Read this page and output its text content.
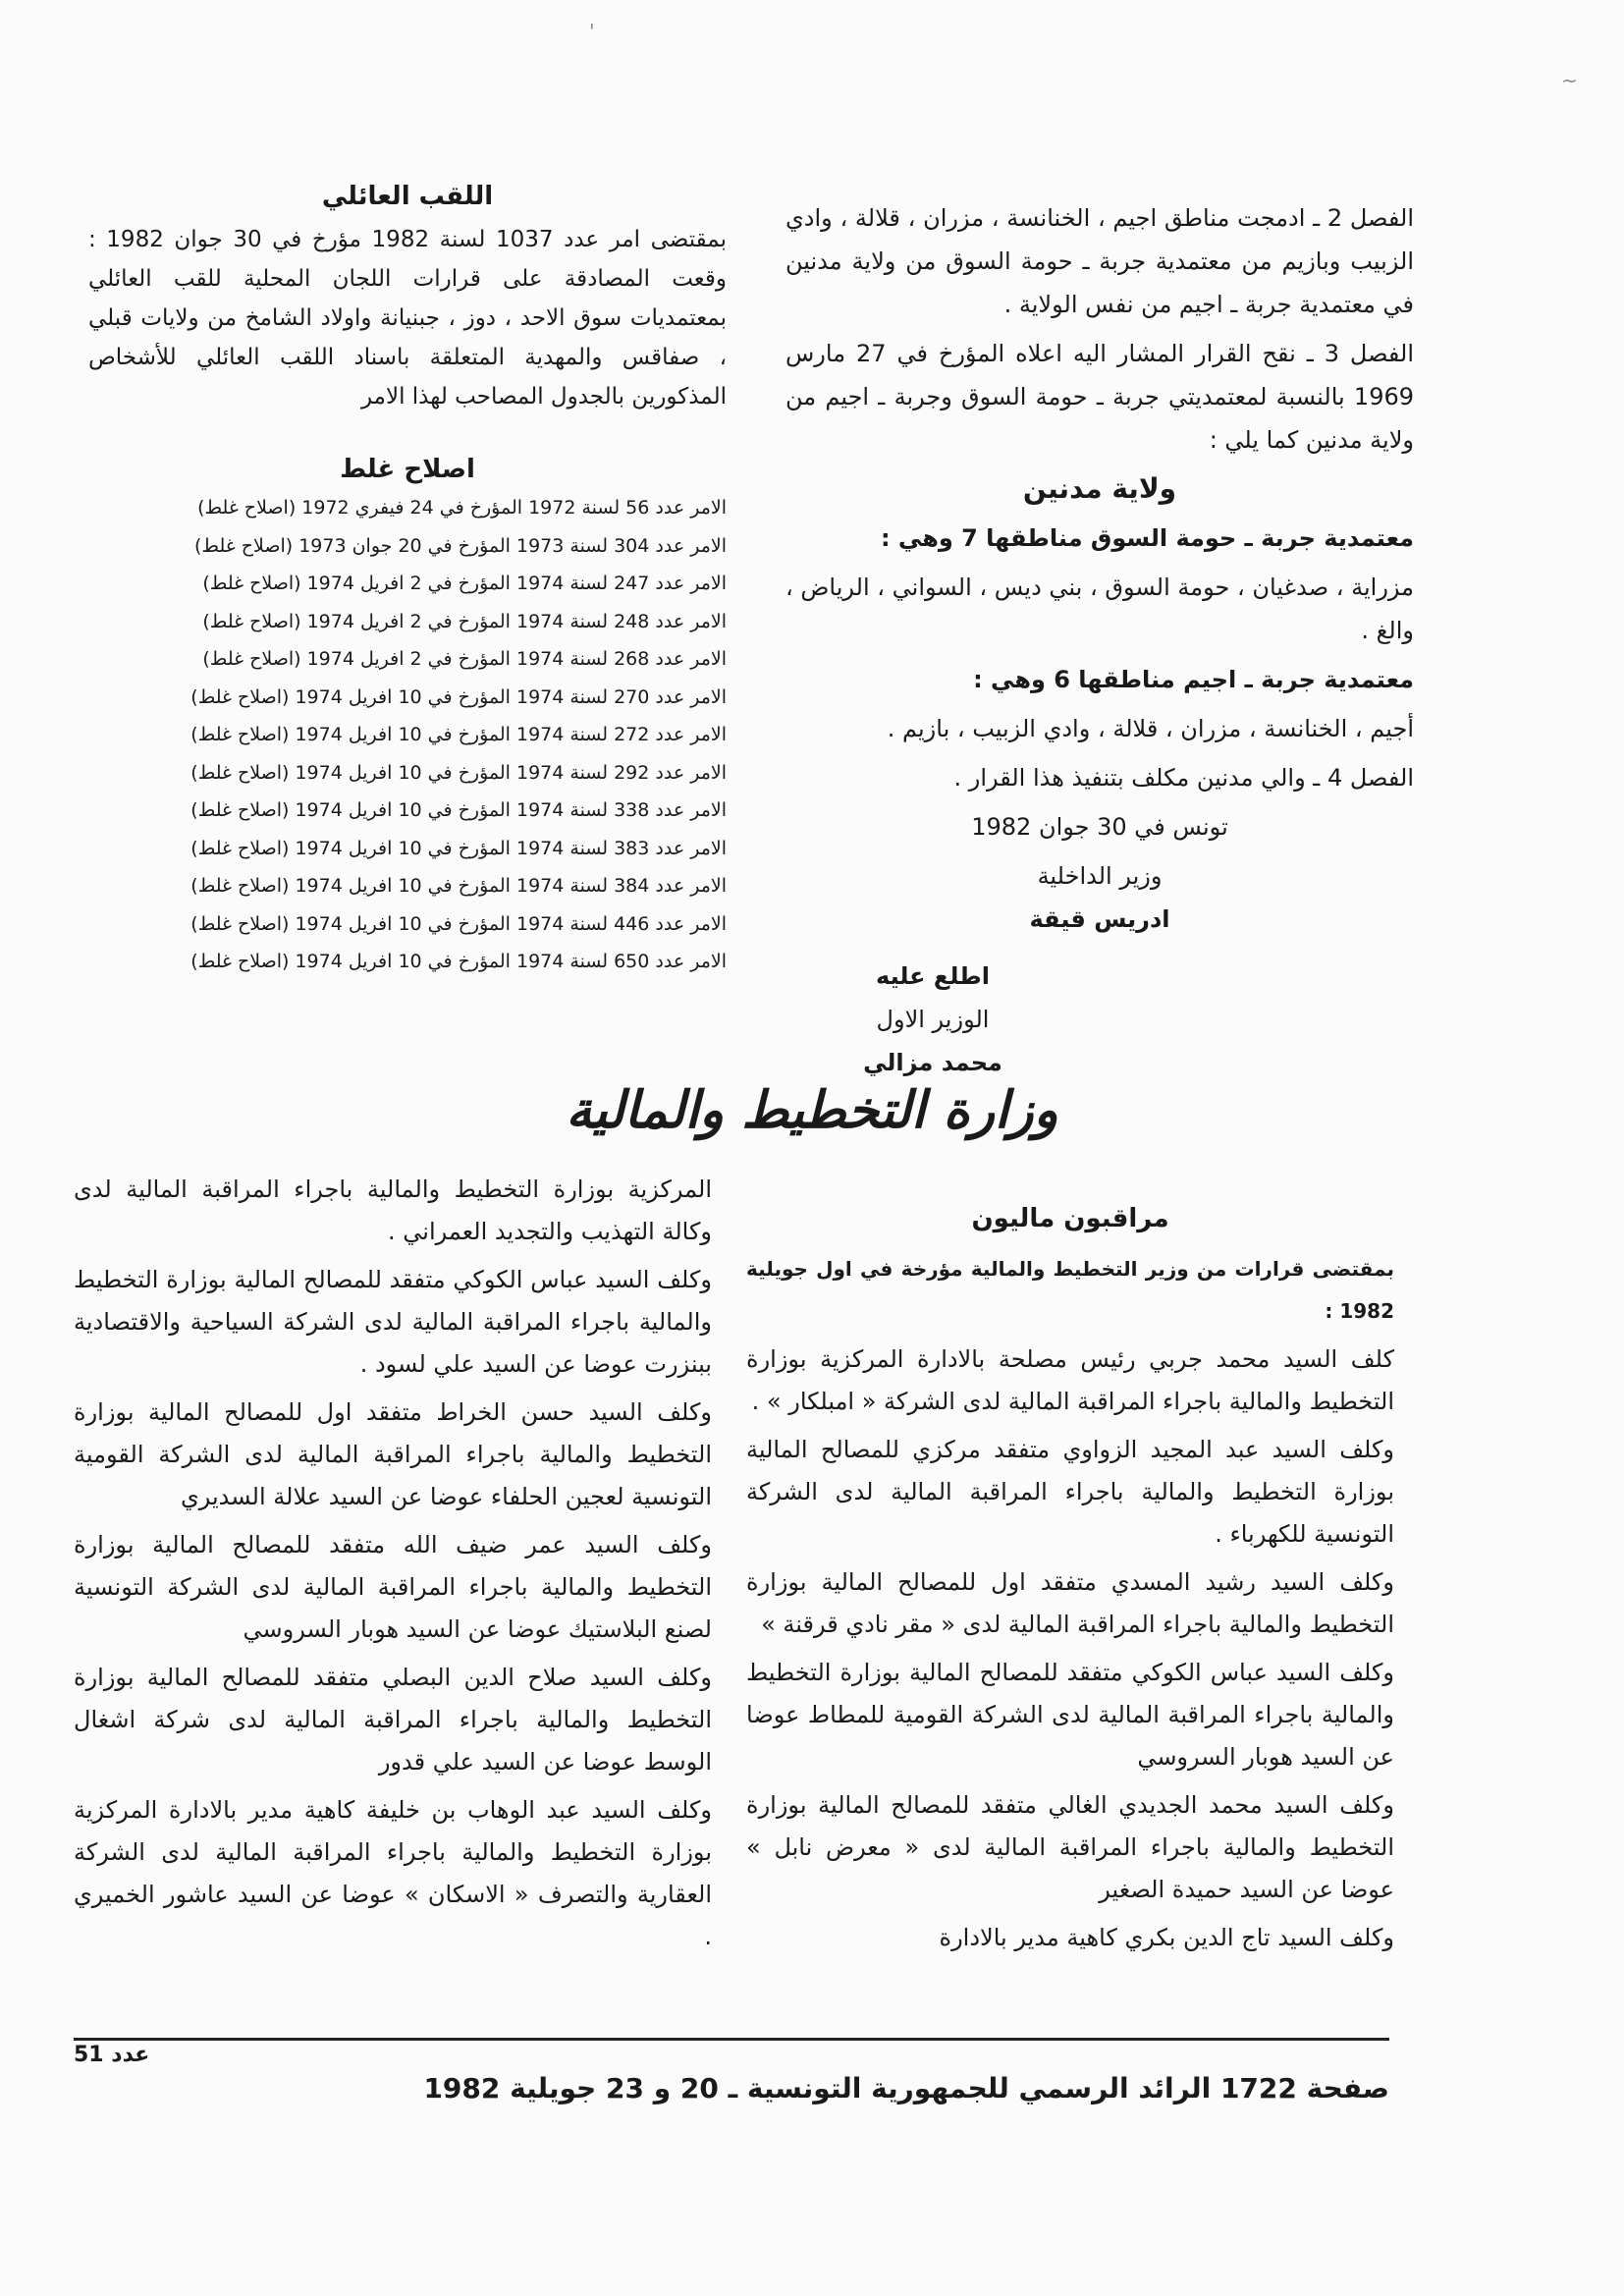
'
~

الفصل 2 ـ ادمجت مناطق اجيم ، الخنانسة ، مزران ، قلالة ، وادي الزبيب وبازيم من معتمدية جربة ـ حومة السوق من ولاية مدنين في معتمدية جربة ـ اجيم من نفس الولاية .

الفصل 3 ـ نقح القرار المشار اليه اعلاه المؤرخ في 27 مارس 1969 بالنسبة لمعتمديتي جربة ـ حومة السوق وجربة ـ اجيم من ولاية مدنين كما يلي :

ولاية مدنين

معتمدية جربة ـ حومة السوق مناطقها 7 وهي :

مزراية ، صدغيان ، حومة السوق ، بني ديس ، السواني ، الرياض ، والغ .

معتمدية جربة ـ اجيم مناطقها 6 وهي :

أجيم ، الخنانسة ، مزران ، قلالة ، وادي الزبيب ، بازيم .

الفصل 4 ـ والي مدنين مكلف بتنفيذ هذا القرار .

تونس في 30 جوان 1982

وزير الداخلية

ادريس قيقة

اطلع عليه

الوزير الاول

محمد مزالي

اللقب العائلي

بمقتضى امر عدد 1037 لسنة 1982 مؤرخ في 30 جوان 1982 : وقعت المصادقة على قرارات اللجان المحلية للقب العائلي بمعتمديات سوق الاحد ، دوز ، جبنيانة واولاد الشامخ من ولايات قبلي ، صفاقس والمهدية المتعلقة باسناد اللقب العائلي للأشخاص المذكورين بالجدول المصاحب لهذا الامر

اصلاح غلط
الامر عدد 56 لسنة 1972 المؤرخ في 24 فيفري 1972 (اصلاح غلط)
الامر عدد 304 لسنة 1973 المؤرخ في 20 جوان 1973 (اصلاح غلط)
الامر عدد 247 لسنة 1974 المؤرخ في 2 افريل 1974 (اصلاح غلط)
الامر عدد 248 لسنة 1974 المؤرخ في 2 افريل 1974 (اصلاح غلط)
الامر عدد 268 لسنة 1974 المؤرخ في 2 افريل 1974 (اصلاح غلط)
الامر عدد 270 لسنة 1974 المؤرخ في 10 افريل 1974 (اصلاح غلط)
الامر عدد 272 لسنة 1974 المؤرخ في 10 افريل 1974 (اصلاح غلط)
الامر عدد 292 لسنة 1974 المؤرخ في 10 افريل 1974 (اصلاح غلط)
الامر عدد 338 لسنة 1974 المؤرخ في 10 افريل 1974 (اصلاح غلط)
الامر عدد 383 لسنة 1974 المؤرخ في 10 افريل 1974 (اصلاح غلط)
الامر عدد 384 لسنة 1974 المؤرخ في 10 افريل 1974 (اصلاح غلط)
الامر عدد 446 لسنة 1974 المؤرخ في 10 افريل 1974 (اصلاح غلط)
الامر عدد 650 لسنة 1974 المؤرخ في 10 افريل 1974 (اصلاح غلط)
وزارة التخطيط والمالية
مراقبون ماليون

بمقتضى قرارات من وزير التخطيط والمالية مؤرخة في اول جويلية 1982 :

كلف السيد محمد جربي رئيس مصلحة بالادارة المركزية بوزارة التخطيط والمالية باجراء المراقبة المالية لدى الشركة « امبلكار » .

وكلف السيد عبد المجيد الزواوي متفقد مركزي للمصالح المالية بوزارة التخطيط والمالية باجراء المراقبة المالية لدى الشركة التونسية للكهرباء .

وكلف السيد رشيد المسدي متفقد اول للمصالح المالية بوزارة التخطيط والمالية باجراء المراقبة المالية لدى « مقر نادي قرقنة »

وكلف السيد عباس الكوكي متفقد للمصالح المالية بوزارة التخطيط والمالية باجراء المراقبة المالية لدى الشركة القومية للمطاط عوضا عن السيد هوبار السروسي

وكلف السيد محمد الجديدي الغالي متفقد للمصالح المالية بوزارة التخطيط والمالية باجراء المراقبة المالية لدى « معرض نابل » عوضا عن السيد حميدة الصغير

وكلف السيد تاج الدين بكري كاهية مدير بالادارة

المركزية بوزارة التخطيط والمالية باجراء المراقبة المالية لدى وكالة التهذيب والتجديد العمراني .

وكلف السيد عباس الكوكي متفقد للمصالح المالية بوزارة التخطيط والمالية باجراء المراقبة المالية لدى الشركة السياحية والاقتصادية ببنزرت عوضا عن السيد علي لسود .

وكلف السيد حسن الخراط متفقد اول للمصالح المالية بوزارة التخطيط والمالية باجراء المراقبة المالية لدى الشركة القومية التونسية لعجين الحلفاء عوضا عن السيد علالة السديري

وكلف السيد عمر ضيف الله متفقد للمصالح المالية بوزارة التخطيط والمالية باجراء المراقبة المالية لدى الشركة التونسية لصنع البلاستيك عوضا عن السيد هوبار السروسي

وكلف السيد صلاح الدين البصلي متفقد للمصالح المالية بوزارة التخطيط والمالية باجراء المراقبة المالية لدى شركة اشغال الوسط عوضا عن السيد علي قدور

وكلف السيد عبد الوهاب بن خليفة كاهية مدير بالادارة المركزية بوزارة التخطيط والمالية باجراء المراقبة المالية لدى الشركة العقارية والتصرف « الاسكان » عوضا عن السيد عاشور الخميري .

صفحة 1722 الرائد الرسمي للجمهورية التونسية ـ 20 و 23 جويلية 1982
عدد 51
